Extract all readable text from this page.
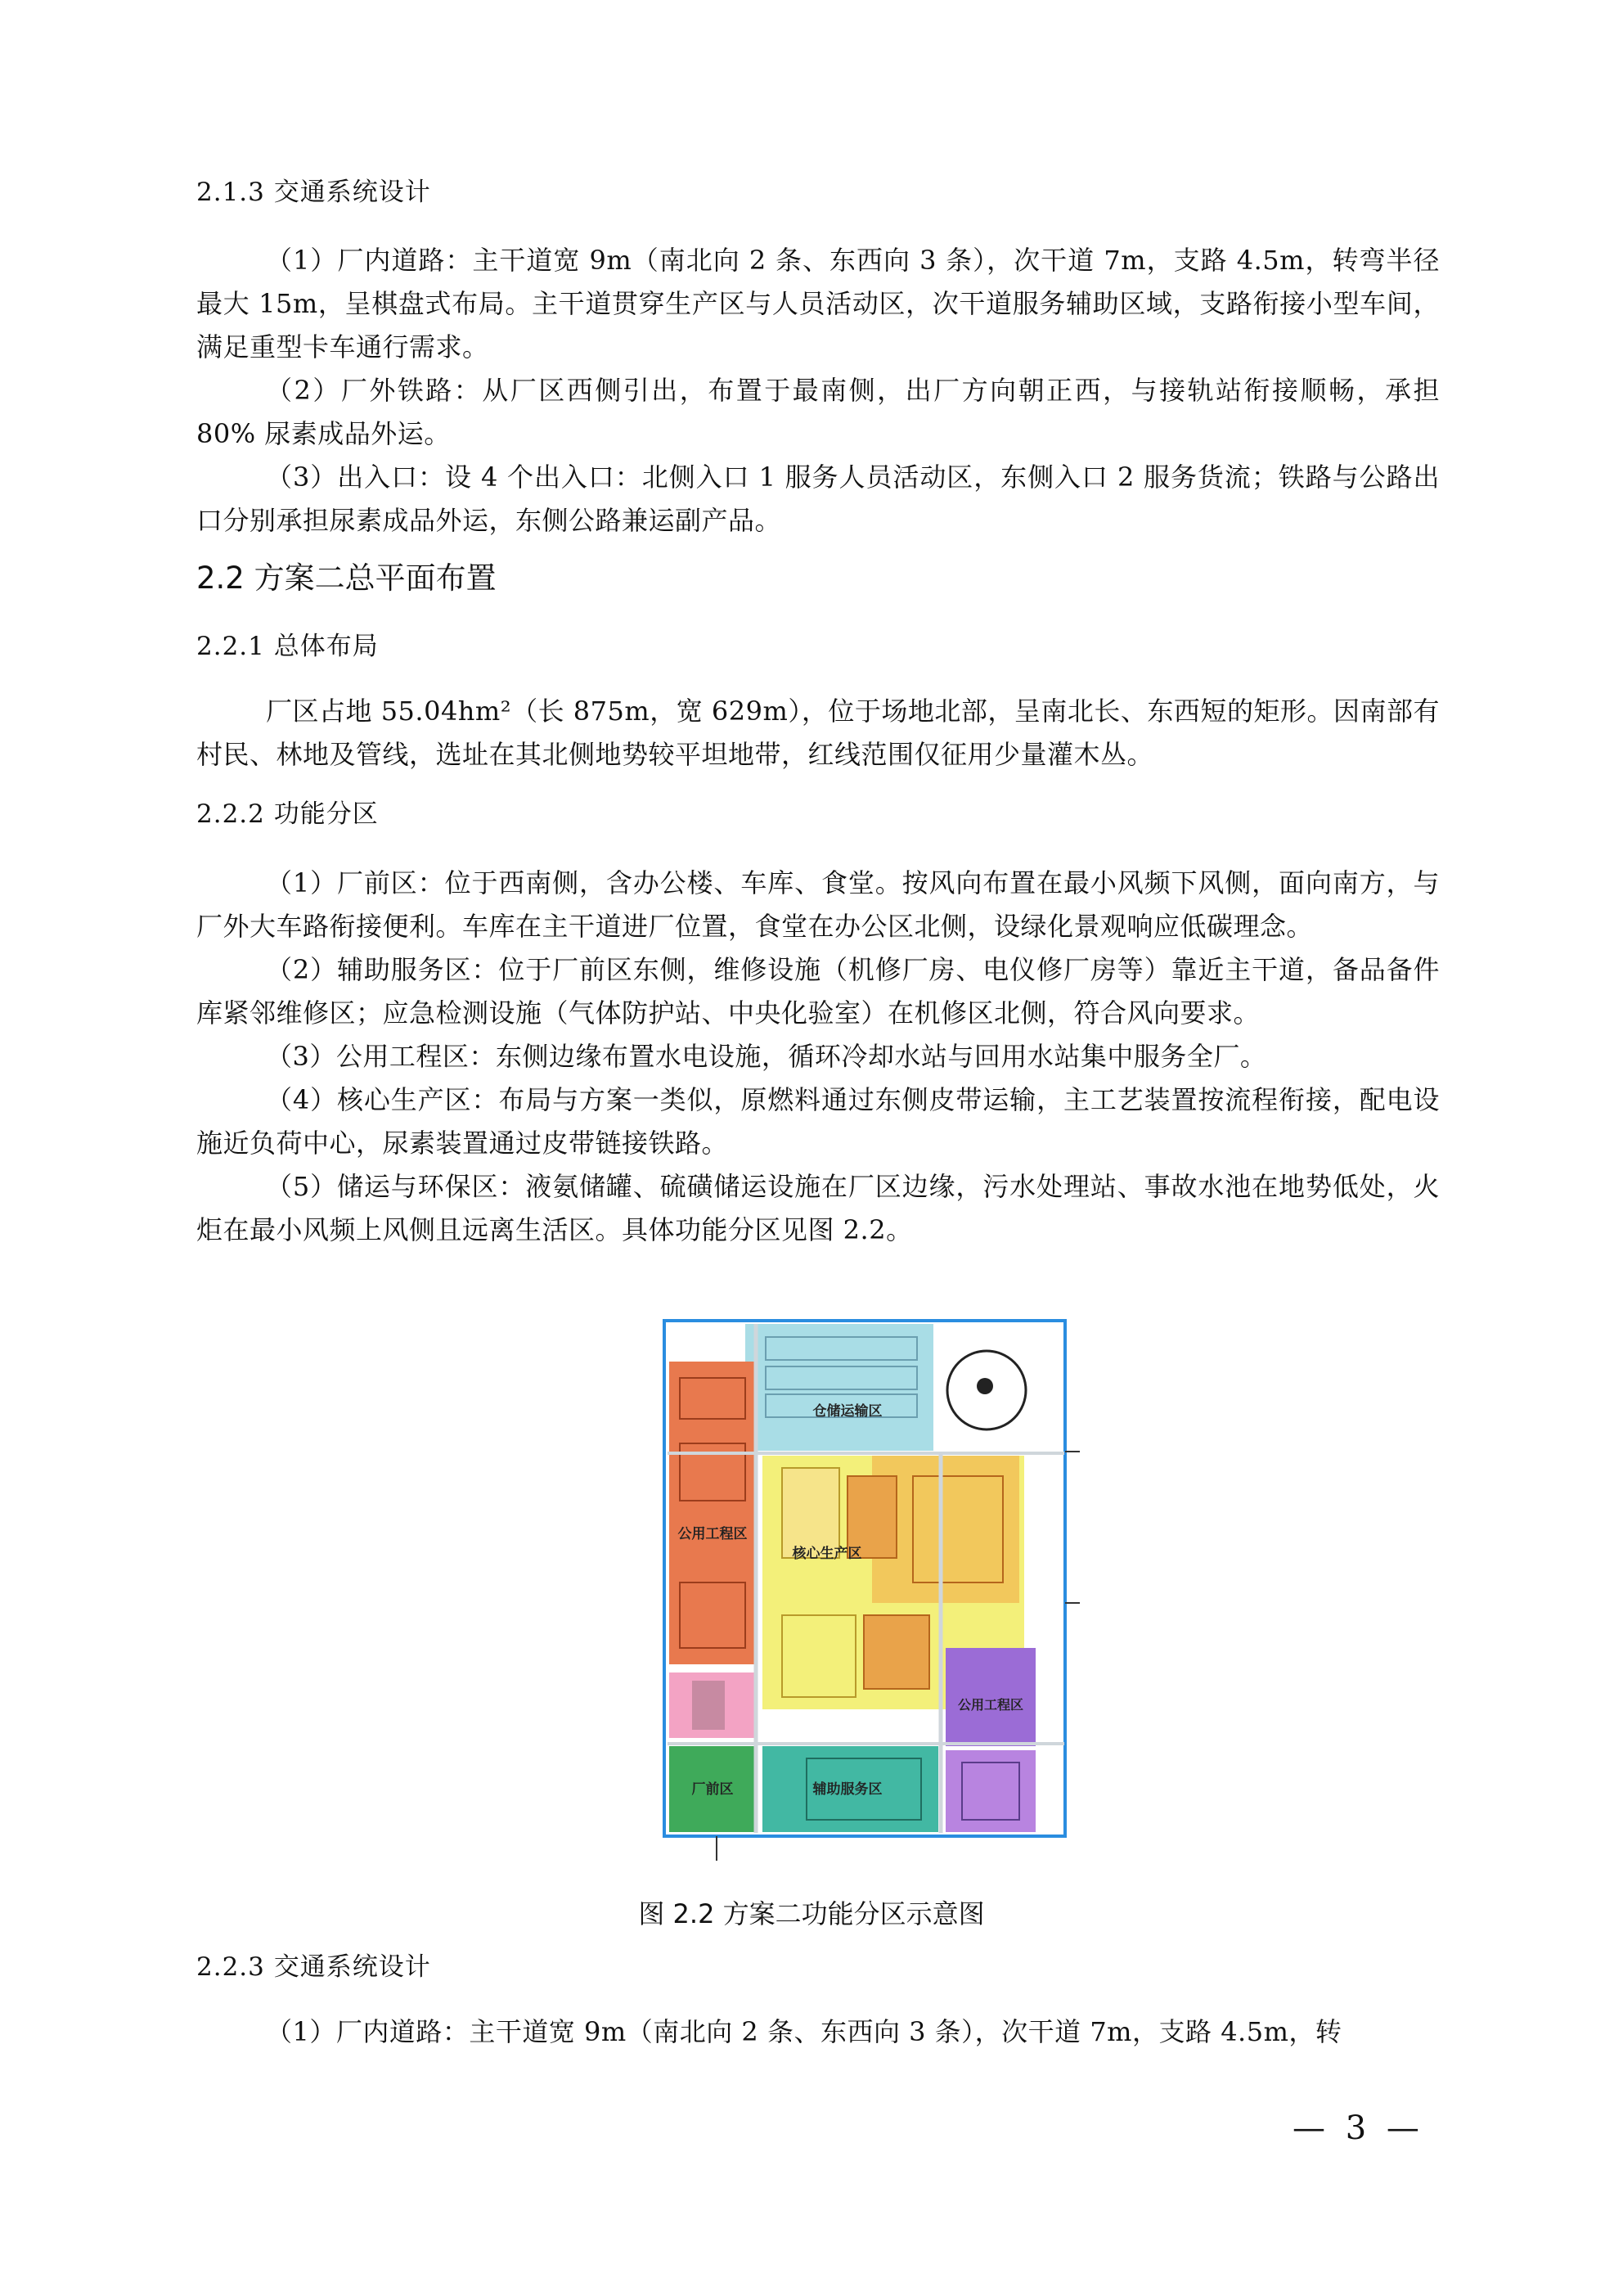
2.1.3 交通系统设计

（1）厂内道路：主干道宽 9m（南北向 2 条、东西向 3 条），次干道 7m，支路 4.5m，转弯半径最大 15m，呈棋盘式布局。主干道贯穿生产区与人员活动区，次干道服务辅助区域，支路衔接小型车间，满足重型卡车通行需求。

（2）厂外铁路：从厂区西侧引出，布置于最南侧，出厂方向朝正西，与接轨站衔接顺畅，承担 80% 尿素成品外运。

（3）出入口：设 4 个出入口：北侧入口 1 服务人员活动区，东侧入口 2 服务货流；铁路与公路出口分别承担尿素成品外运，东侧公路兼运副产品。

2.2 方案二总平面布置

2.2.1 总体布局

厂区占地 55.04hm²（长 875m，宽 629m），位于场地北部，呈南北长、东西短的矩形。因南部有村民、林地及管线，选址在其北侧地势较平坦地带，红线范围仅征用少量灌木丛。

2.2.2 功能分区

（1）厂前区：位于西南侧，含办公楼、车库、食堂。按风向布置在最小风频下风侧，面向南方，与厂外大车路衔接便利。车库在主干道进厂位置，食堂在办公区北侧，设绿化景观响应低碳理念。

（2）辅助服务区：位于厂前区东侧，维修设施（机修厂房、电仪修厂房等）靠近主干道，备品备件库紧邻维修区；应急检测设施（气体防护站、中央化验室）在机修区北侧，符合风向要求。

（3）公用工程区：东侧边缘布置水电设施，循环冷却水站与回用水站集中服务全厂。

（4）核心生产区：布局与方案一类似，原燃料通过东侧皮带运输，主工艺装置按流程衔接，配电设施近负荷中心，尿素装置通过皮带链接铁路。

（5）储运与环保区：液氨储罐、硫磺储运设施在厂区边缘，污水处理站、事故水池在地势低处，火炬在最小风频上风侧且远离生活区。具体功能分区见图 2.2。

仓储运输区
公用工程区
核心生产区
公用工程区
厂前区	辅助服务区
图 2.2 方案二功能分区示意图

2.2.3 交通系统设计

（1）厂内道路：主干道宽 9m（南北向 2 条、东西向 3 条），次干道 7m，支路 4.5m，转

— 3 —
